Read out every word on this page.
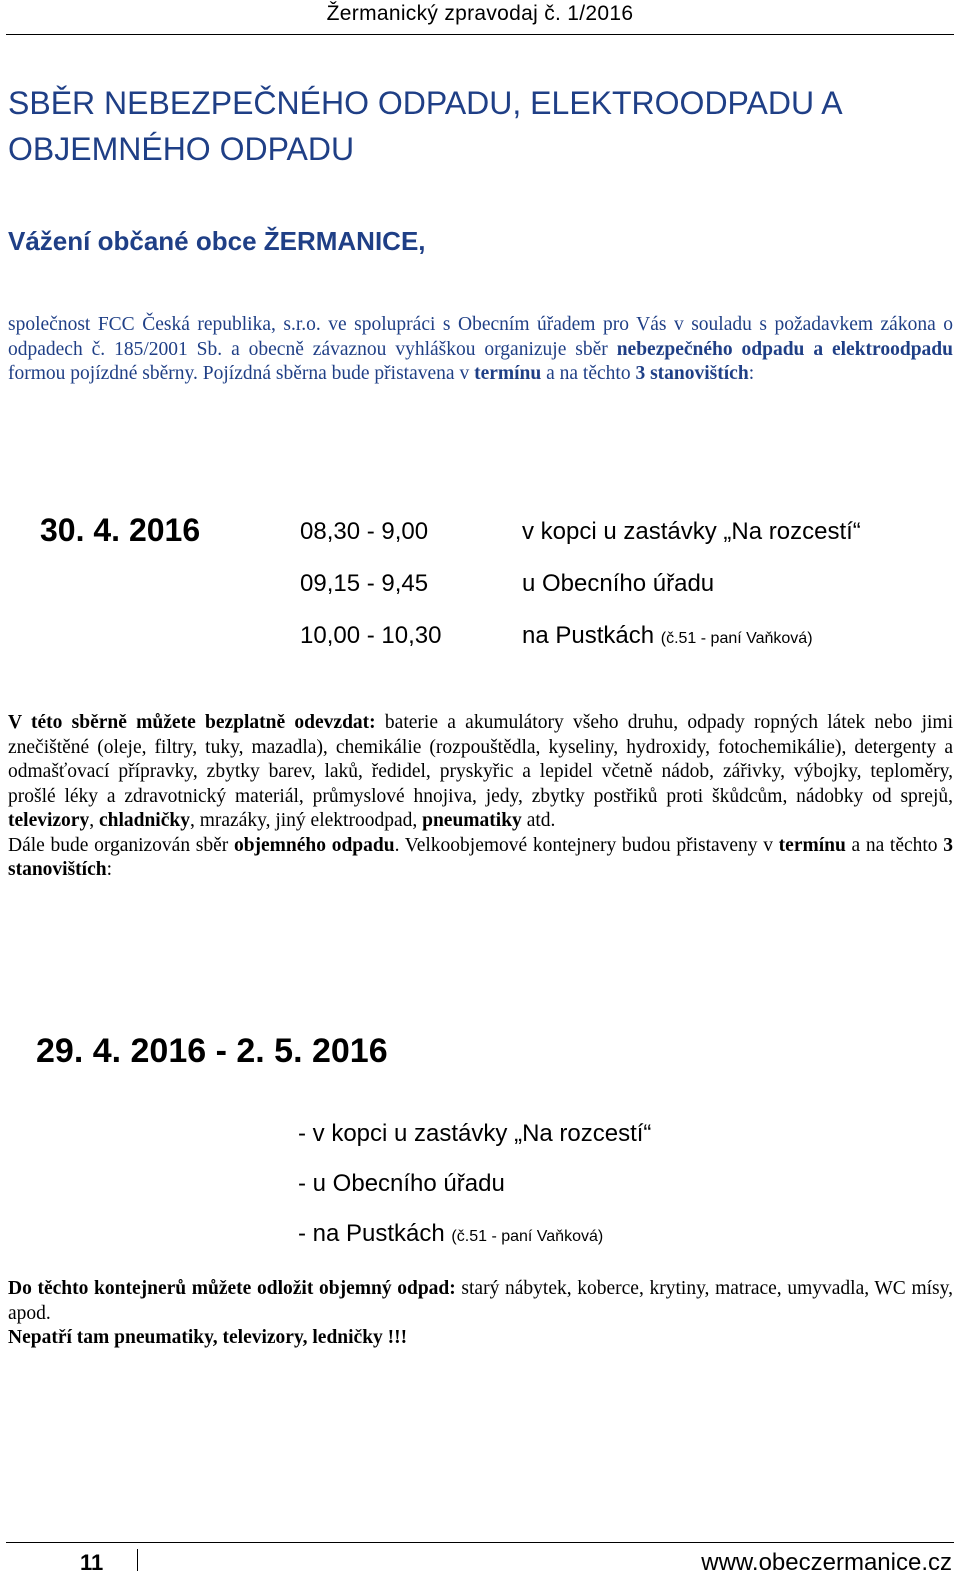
Žermanický zpravodaj č. 1/2016
SBĚR NEBEZPEČNÉHO ODPADU, ELEKTROODPADU A
OBJEMNÉHO ODPADU
Vážení občané obce ŽERMANICE,

společnost FCC Česká republika, s.r.o. ve spolupráci s Obecním úřadem pro Vás v souladu s požadavkem zákona o odpadech č. 185/2001 Sb. a obecně závaznou vyhláškou organizuje sběr nebezpečného odpadu a elektroodpadu formou pojízdné sběrny. Pojízdná sběrna bude přistavena v termínu a na těchto 3 stanovištích:

30. 4. 2016	08,30 - 9,00	v kopci u zastávky „Na rozcestí“
09,15 - 9,45	u Obecního úřadu
10,00 - 10,30	na Pustkách (č.51 - paní Vaňková)

V této sběrně můžete bezplatně odevzdat: baterie a akumulátory všeho druhu, odpady ropných látek nebo jimi znečištěné (oleje, filtry, tuky, mazadla), chemikálie (rozpouštědla, kyseliny, hydroxidy, fotochemikálie), detergenty a odmašťovací přípravky, zbytky barev, laků, ředidel, pryskyřic a lepidel včetně nádob, zářivky, výbojky, teploměry, prošlé léky a zdravotnický materiál, průmyslové hnojiva, jedy, zbytky postřiků proti škůdcům, nádobky od sprejů, televizory, chladničky, mrazáky, jiný elektroodpad, pneumatiky atd.
Dále bude organizován sběr objemného odpadu. Velkoobjemové kontejnery budou přistaveny v termínu a na těchto 3 stanovištích:

29. 4. 2016 - 2. 5. 2016
- v kopci u zastávky „Na rozcestí“
- u Obecního úřadu
- na Pustkách (č.51 - paní Vaňková)

Do těchto kontejnerů můžete odložit objemný odpad: starý nábytek, koberce, krytiny, matrace, umyvadla, WC mísy, apod.
Nepatří tam pneumatiky, televizory, ledničky !!!

11	www.obeczermanice.cz
